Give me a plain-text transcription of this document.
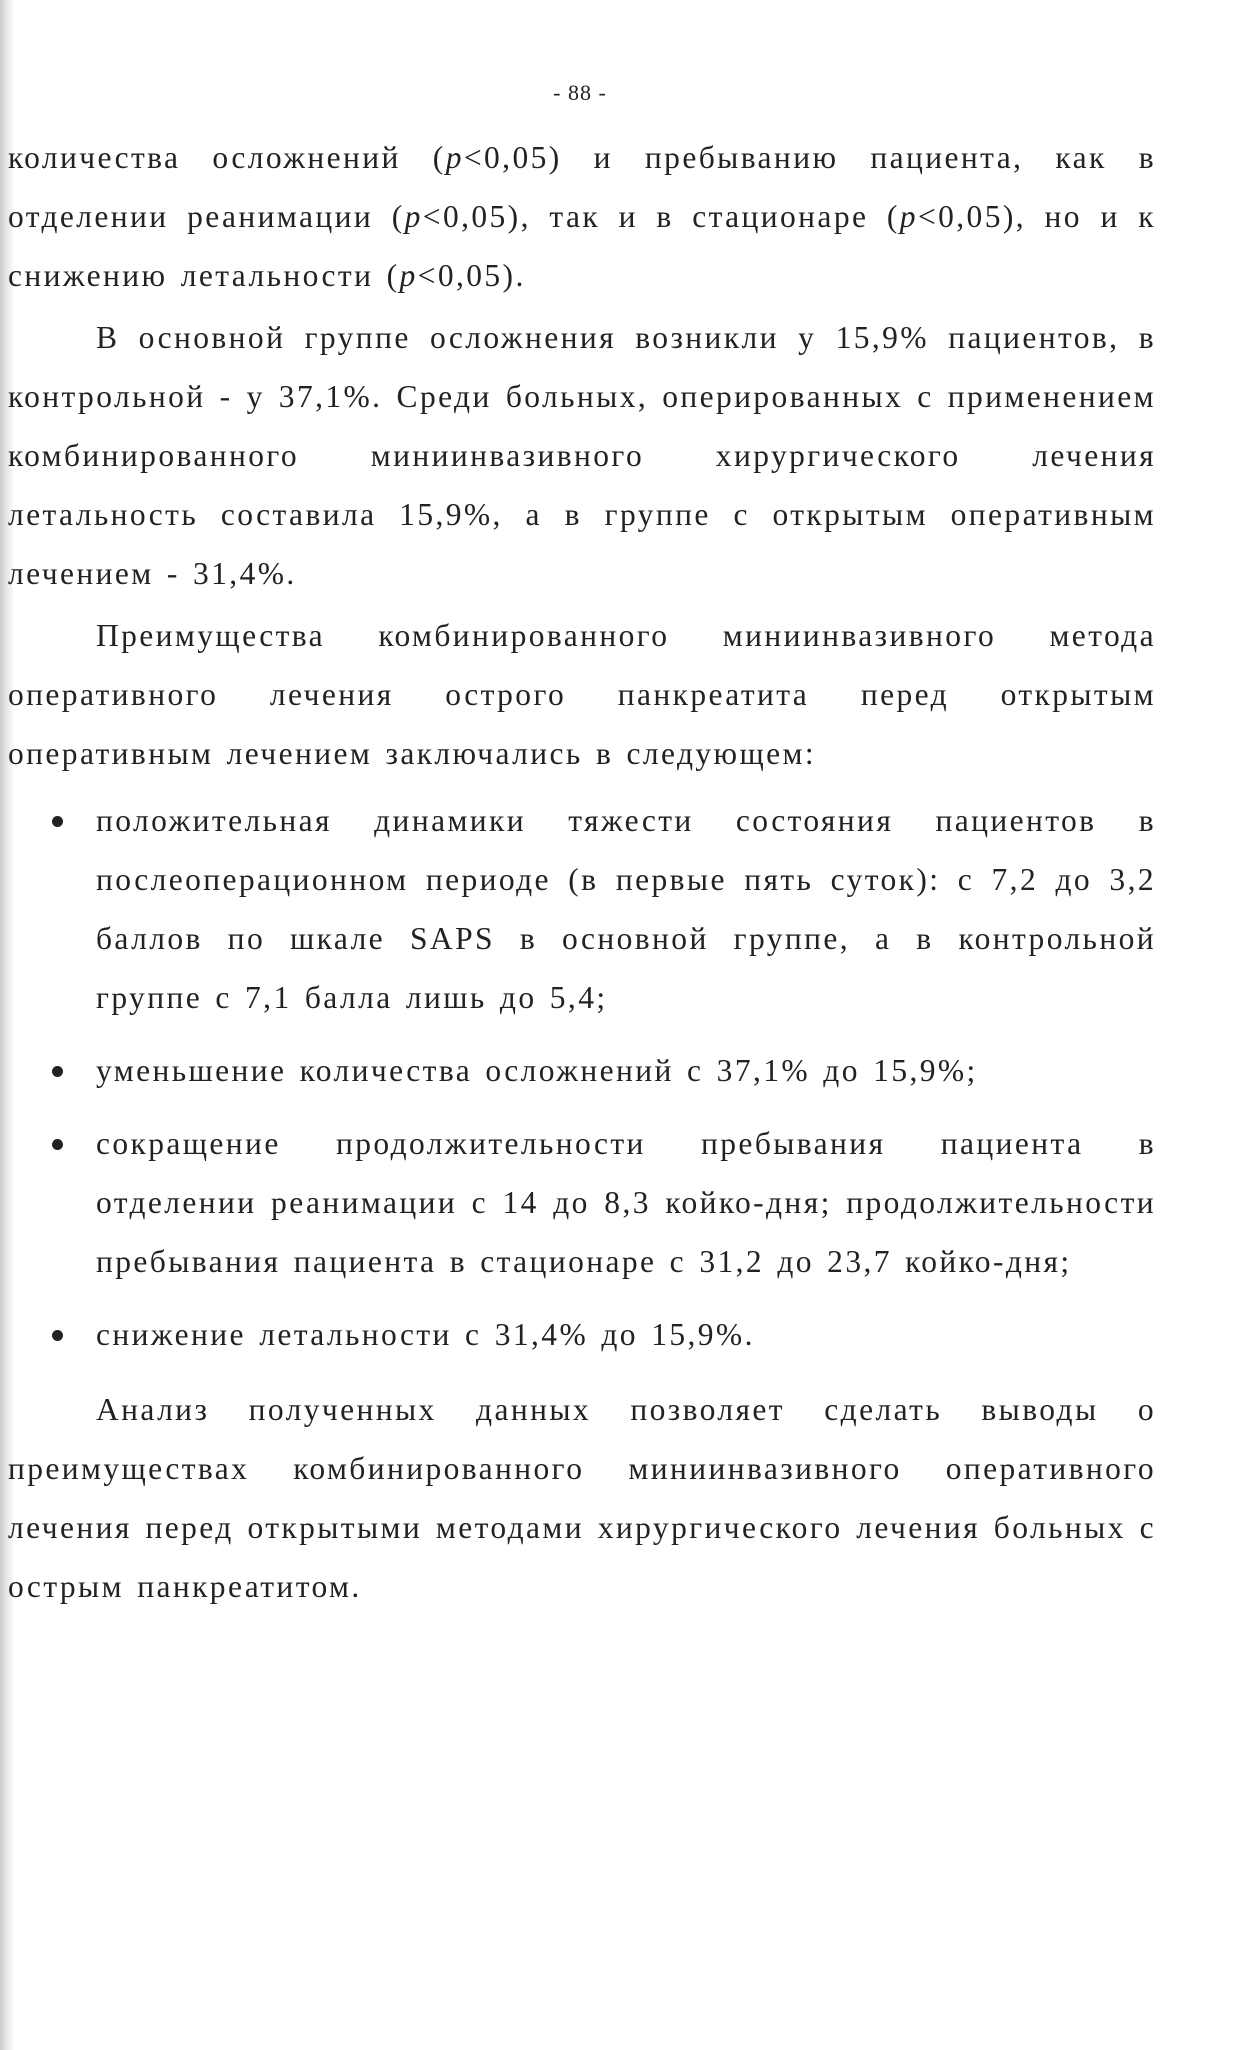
- 88 -

количества осложнений (p<0,05) и пребыванию пациента, как в отделении реанимации (p<0,05), так и в стационаре (p<0,05), но и к снижению летальности (p<0,05).

В основной группе осложнения возникли у 15,9% пациентов, в контрольной - у 37,1%. Среди больных, оперированных с применением комбинированного миниинвазивного хирургического лечения летальность составила 15,9%, а в группе с открытым оперативным лечением - 31,4%.

Преимущества комбинированного миниинвазивного метода оперативного лечения острого панкреатита перед открытым оперативным лечением заключались в следующем:

положительная динамики тяжести состояния пациентов в послеоперационном периоде (в первые пять суток): с 7,2 до 3,2 баллов по шкале SAPS в основной группе, а в контрольной группе с 7,1 балла лишь до 5,4;
уменьшение количества осложнений с 37,1% до 15,9%;
сокращение продолжительности пребывания пациента в отделении реанимации с 14 до 8,3 койко-дня; продолжительности пребывания пациента в стационаре с 31,2 до 23,7 койко-дня;
снижение летальности с 31,4% до 15,9%.

Анализ полученных данных позволяет сделать выводы о преимуществах комбинированного миниинвазивного оперативного лечения перед открытыми методами хирургического лечения больных с острым панкреатитом.
